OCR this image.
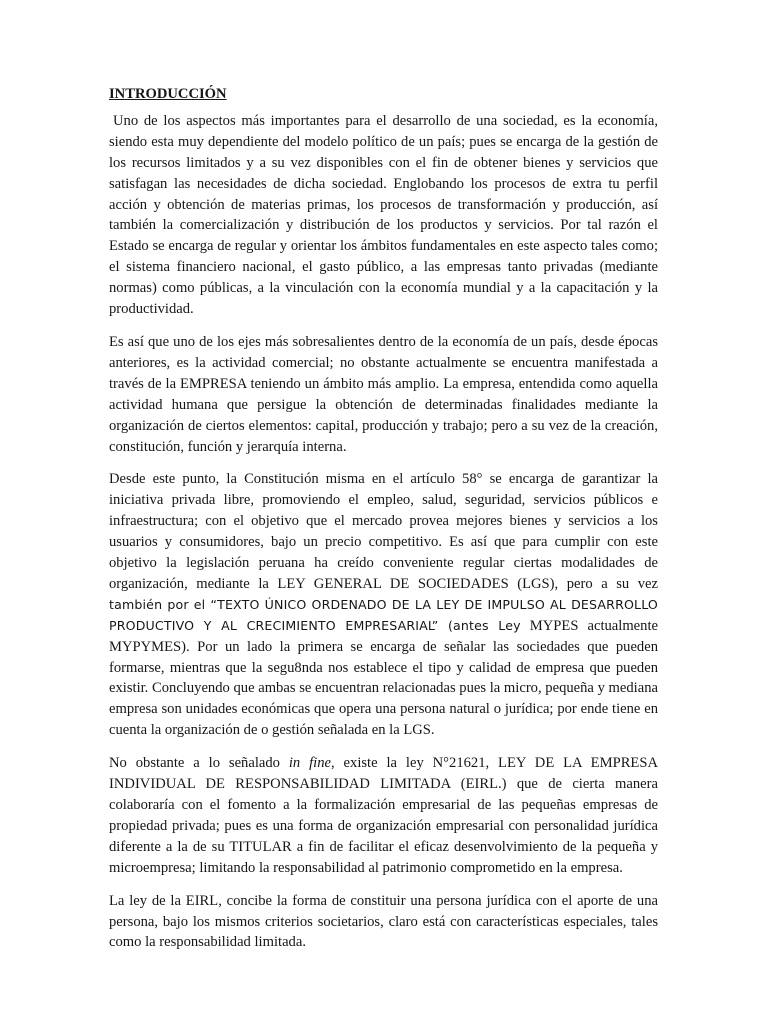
INTRODUCCIÓN

Uno de los aspectos más importantes para el desarrollo de una sociedad, es la economía, siendo esta muy dependiente del modelo político de un país; pues se encarga de la gestión de los recursos limitados y a su vez disponibles con el fin de obtener bienes y servicios que satisfagan las necesidades de dicha sociedad. Englobando los procesos de extra tu perfil acción y obtención de materias primas, los procesos de transformación y producción, así también la comercialización y distribución de los productos y servicios. Por tal razón el Estado se encarga de regular y orientar los ámbitos fundamentales en este aspecto tales como; el sistema financiero nacional, el gasto público, a las empresas tanto privadas (mediante normas) como públicas, a la vinculación con la economía mundial y a la capacitación y la productividad.

Es así que uno de los ejes más sobresalientes dentro de la economía de un país, desde épocas anteriores, es la actividad comercial; no obstante actualmente se encuentra manifestada a través de la EMPRESA teniendo un ámbito más amplio. La empresa, entendida como aquella actividad humana que persigue la obtención de determinadas finalidades mediante la organización de ciertos elementos: capital, producción y trabajo; pero a su vez de la creación, constitución, función y jerarquía interna.

Desde este punto, la Constitución misma en el artículo 58° se encarga de garantizar la iniciativa privada libre, promoviendo el empleo, salud, seguridad, servicios públicos e infraestructura; con el objetivo que el mercado provea mejores bienes y servicios a los usuarios y consumidores, bajo un precio competitivo. Es así que para cumplir con este objetivo la legislación peruana ha creído conveniente regular ciertas modalidades de organización, mediante la LEY GENERAL DE SOCIEDADES (LGS), pero a su vez también por el “TEXTO ÚNICO ORDENADO DE LA LEY DE IMPULSO AL DESARROLLO PRODUCTIVO Y AL CRECIMIENTO EMPRESARIAL” (antes Ley MYPES actualmente MYPYMES). Por un lado la primera se encarga de señalar las sociedades que pueden formarse, mientras que la segu8nda nos establece el tipo y calidad de empresa que pueden existir. Concluyendo que ambas se encuentran relacionadas pues la micro, pequeña y mediana empresa son unidades económicas que opera una persona natural o jurídica; por ende tiene en cuenta la organización de o gestión señalada en la LGS.

No obstante a lo señalado in fine, existe la ley N°21621, LEY DE LA EMPRESA INDIVIDUAL DE RESPONSABILIDAD LIMITADA (EIRL.) que de cierta manera colaboraría con el fomento a la formalización empresarial de las pequeñas empresas de propiedad privada; pues es una forma de organización empresarial con personalidad jurídica diferente a la de su TITULAR a fin de facilitar el eficaz desenvolvimiento de la pequeña y microempresa; limitando la responsabilidad al patrimonio comprometido en la empresa.

La ley de la EIRL, concibe la forma de constituir una persona jurídica con el aporte de una persona, bajo los mismos criterios societarios, claro está con características especiales, tales como la responsabilidad limitada.
